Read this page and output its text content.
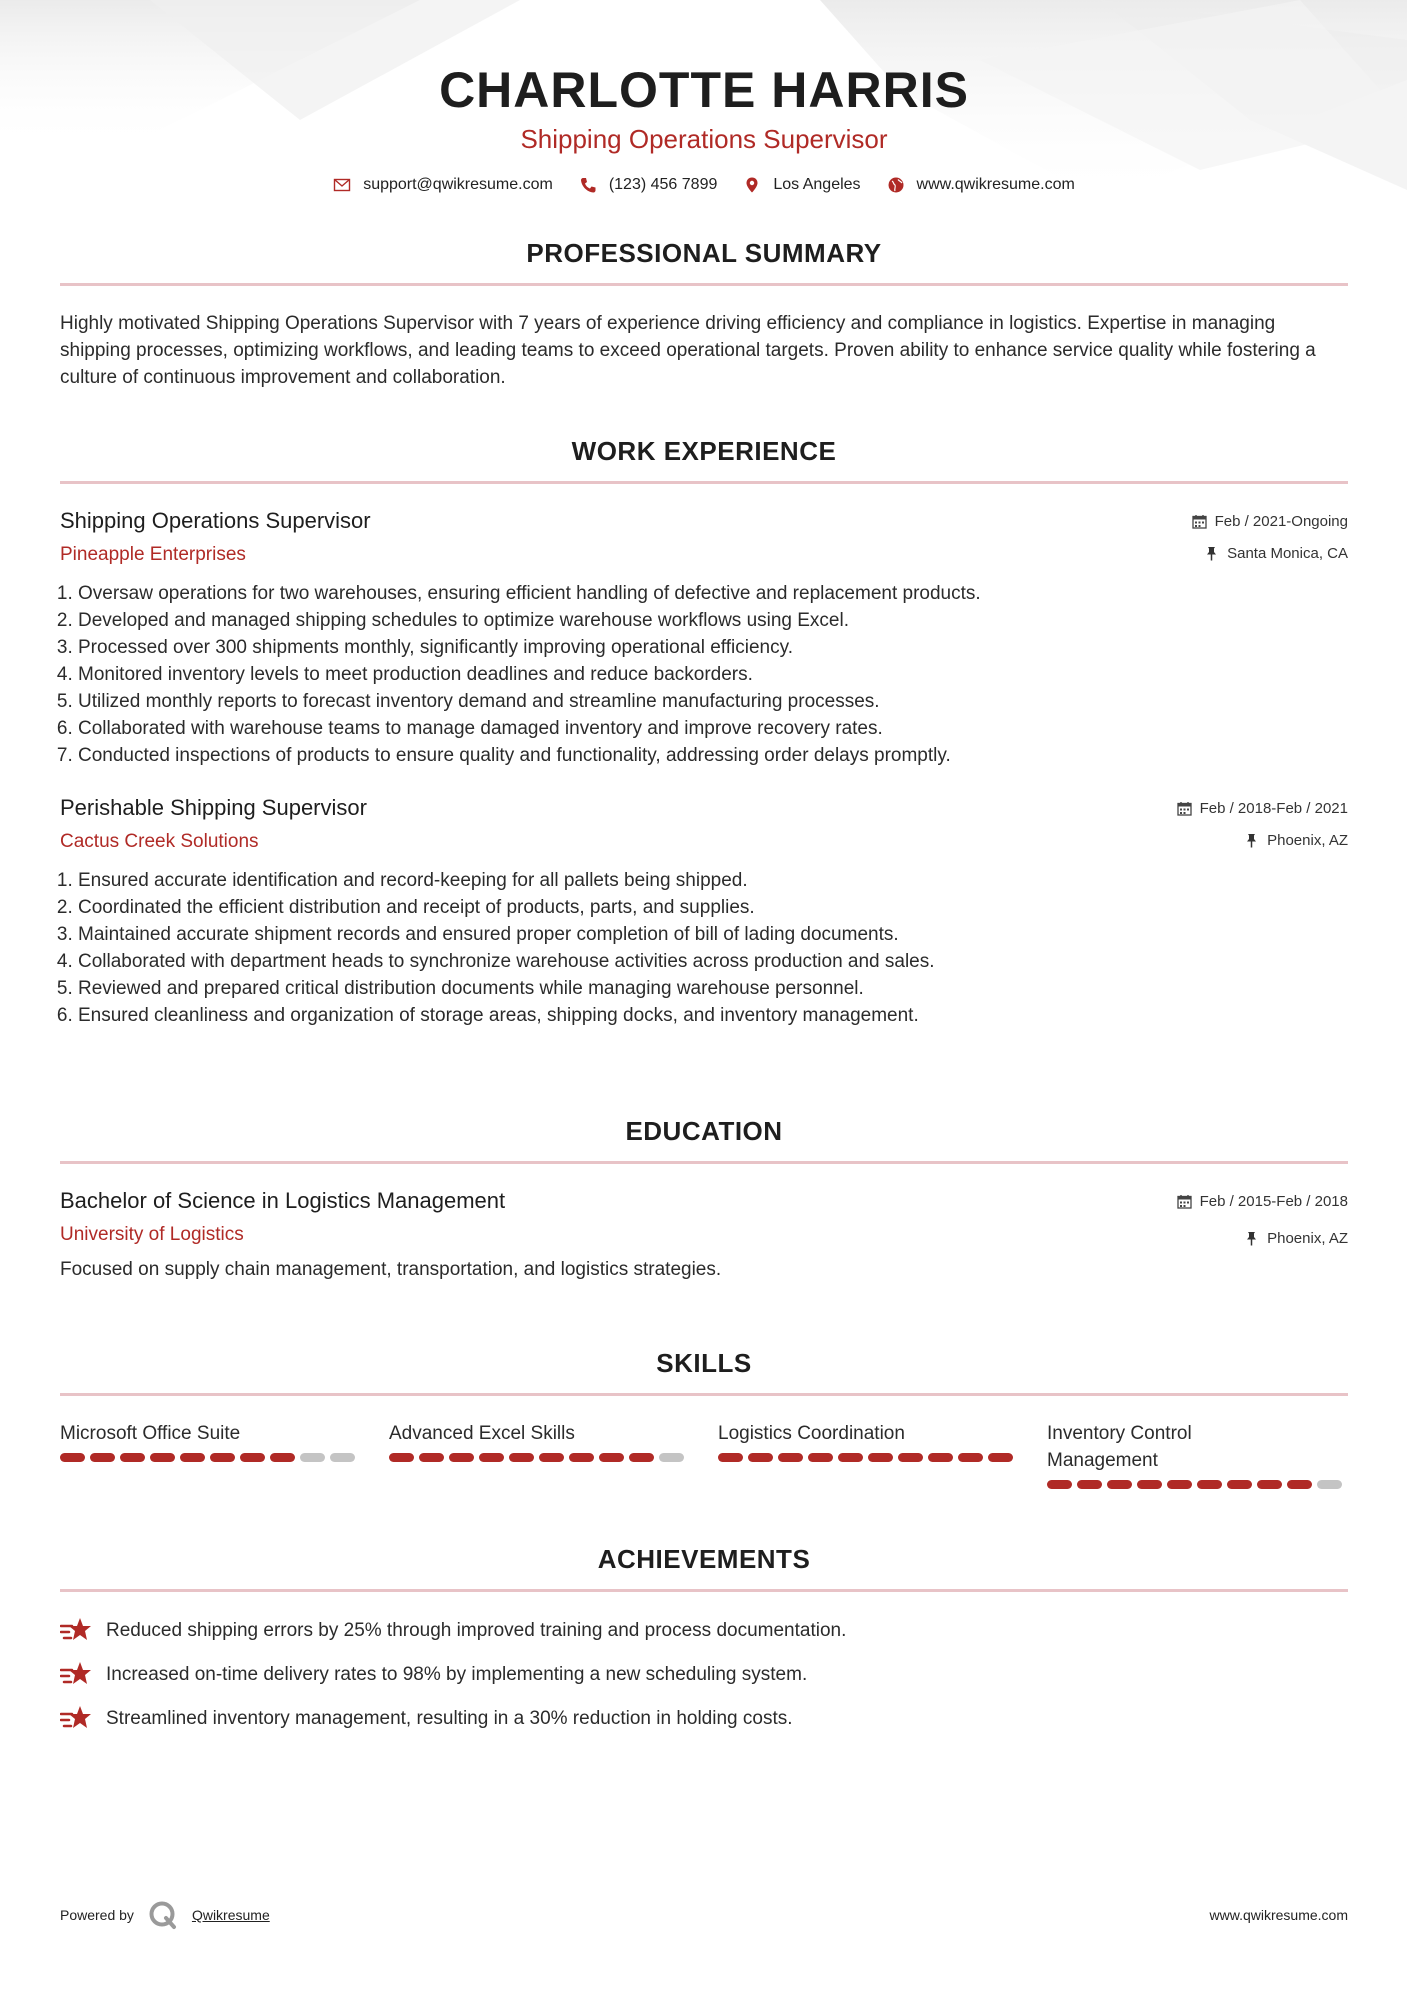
CHARLOTTE HARRIS
Shipping Operations Supervisor
support@qwikresume.com	(123) 456 7899	Los Angeles	www.qwikresume.com
PROFESSIONAL SUMMARY
Highly motivated Shipping Operations Supervisor with 7 years of experience driving efficiency and compliance in logistics. Expertise in managing shipping processes, optimizing workflows, and leading teams to exceed operational targets. Proven ability to enhance service quality while fostering a culture of continuous improvement and collaboration.
WORK EXPERIENCE
Shipping Operations Supervisor
Pineapple Enterprises
Feb / 2021-Ongoing
Santa Monica, CA
1. Oversaw operations for two warehouses, ensuring efficient handling of defective and replacement products.
2. Developed and managed shipping schedules to optimize warehouse workflows using Excel.
3. Processed over 300 shipments monthly, significantly improving operational efficiency.
4. Monitored inventory levels to meet production deadlines and reduce backorders.
5. Utilized monthly reports to forecast inventory demand and streamline manufacturing processes.
6. Collaborated with warehouse teams to manage damaged inventory and improve recovery rates.
7. Conducted inspections of products to ensure quality and functionality, addressing order delays promptly.
Perishable Shipping Supervisor
Cactus Creek Solutions
Feb / 2018-Feb / 2021
Phoenix, AZ
1. Ensured accurate identification and record-keeping for all pallets being shipped.
2. Coordinated the efficient distribution and receipt of products, parts, and supplies.
3. Maintained accurate shipment records and ensured proper completion of bill of lading documents.
4. Collaborated with department heads to synchronize warehouse activities across production and sales.
5. Reviewed and prepared critical distribution documents while managing warehouse personnel.
6. Ensured cleanliness and organization of storage areas, shipping docks, and inventory management.
EDUCATION
Bachelor of Science in Logistics Management
University of Logistics
Feb / 2015-Feb / 2018
Phoenix, AZ
Focused on supply chain management, transportation, and logistics strategies.
SKILLS
Microsoft Office Suite	Advanced Excel Skills	Logistics Coordination	Inventory Control Management
ACHIEVEMENTS
Reduced shipping errors by 25% through improved training and process documentation.
Increased on-time delivery rates to 98% by implementing a new scheduling system.
Streamlined inventory management, resulting in a 30% reduction in holding costs.
Powered by	Qwikresume	www.qwikresume.com
